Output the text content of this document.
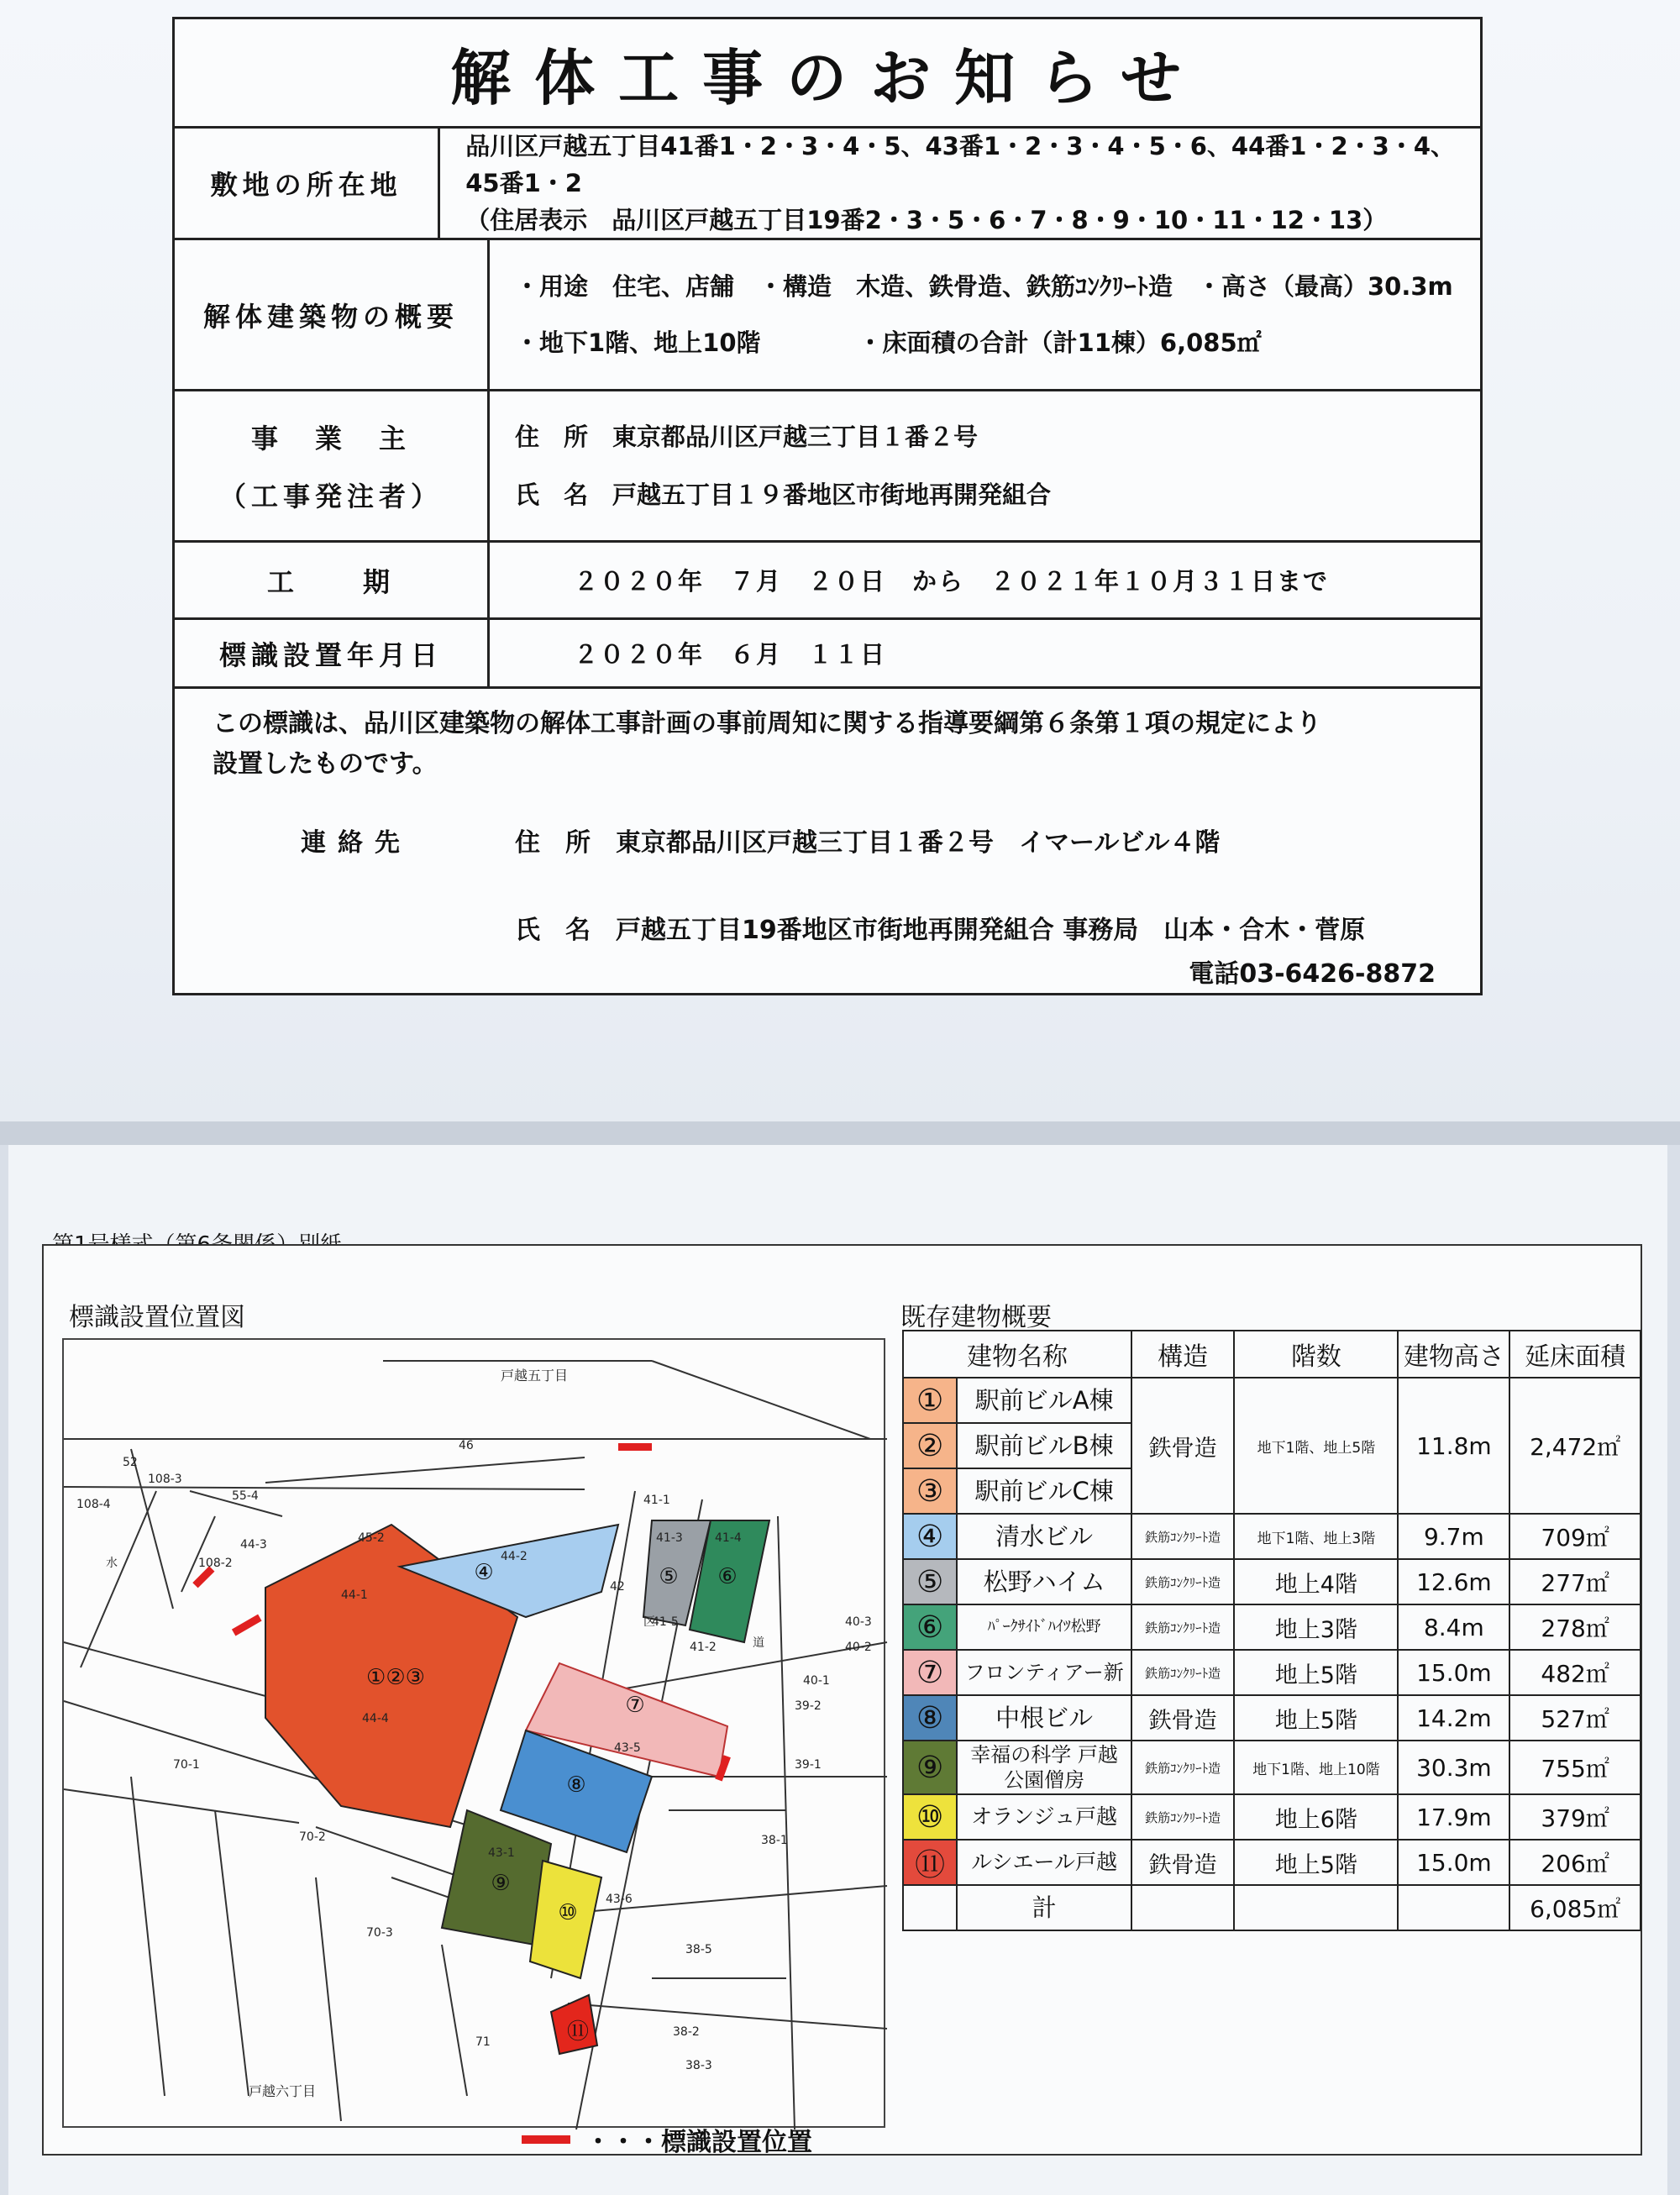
解体工事のお知らせ
敷地の所在地
品川区戸越五丁目41番1・2・3・4・5、43番1・2・3・4・5・6、44番1・2・3・4、
45番1・2
（住居表示　品川区戸越五丁目19番2・3・5・6・7・8・9・10・11・12・13）
解体建築物の概要
・用途　住宅、店舗　・構造　木造、鉄骨造、鉄筋ｺﾝｸﾘｰﾄ造　・高さ（最高）30.3m
・地下1階、地上10階　　　　・床面積の合計（計11棟）6,085㎡
事　業　主
（工事発注者）
住　所　東京都品川区戸越三丁目１番２号
氏　名　戸越五丁目１９番地区市街地再開発組合
工　　期	２０２０年　７月　２０日　から　２０２１年１０月３１日まで
標識設置年月日	２０２０年　６月　１１日
この標識は、品川区建築物の解体工事計画の事前周知に関する指導要綱第６条第１項の規定により
設置したものです。
連絡先	住　所　東京都品川区戸越三丁目１番２号　イマールビル４階
氏　名　戸越五丁目19番地区市街地再開発組合 事務局　山本・合木・菅原
電話03-6426-8872
標識設置位置図
④	⑤ ⑥
①②③
⑦
⑧
⑨
⑩
⑪
戸越五丁目
戸越六丁目
46
52
108-3
108-4
55-4
44-3
108-2
45-2
44-1
44-2
44-4
42
41-3	41-4
41-1
41-5
41-2	40-2
40-1
40-3
39-2
39-1
43-5
43-1
43-6
38-1
38-5
38-2
38-3
70-1
70-2
70-3
71
水
区
道
・・・標識設置位置
既存建物概要
建物名称		構造	階数	建物高さ	延床面積
①	駅前ビルA棟	鉄骨造	地下1階、地上5階	11.8m	2,472㎡
②	駅前ビルB棟				
③	駅前ビルC棟				
④	清水ビル	鉄筋ｺﾝｸﾘｰﾄ造	地下1階、地上3階	9.7m	709㎡
⑤	松野ハイム	鉄筋ｺﾝｸﾘｰﾄ造	地上4階	12.6m	277㎡
⑥	ﾊﾟｰｸｻｲﾄﾞﾊｲﾂ松野	鉄筋ｺﾝｸﾘｰﾄ造	地上3階	8.4m	278㎡
⑦	フロンティアー新	鉄筋ｺﾝｸﾘｰﾄ造	地上5階	15.0m	482㎡
⑧	中根ビル	鉄骨造	地上5階	14.2m	527㎡
⑨	幸福の科学 戸越公園僧房	鉄筋ｺﾝｸﾘｰﾄ造	地下1階、地上10階	30.3m	755㎡
⑩	オランジュ戸越	鉄筋ｺﾝｸﾘｰﾄ造	地上6階	17.9m	379㎡
⑪	ルシエール戸越	鉄骨造	地上5階	15.0m	206㎡
	計				6,085㎡
